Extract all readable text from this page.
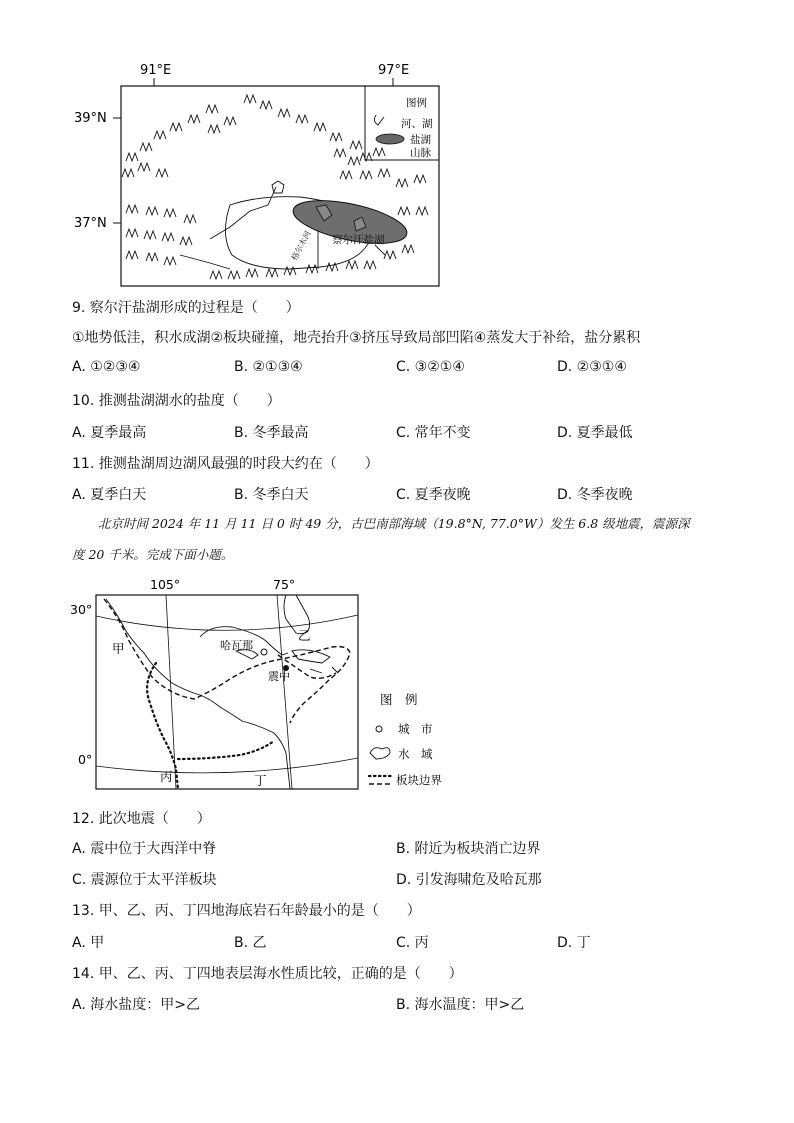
91°E	97°E
39°N
37°N
图例
河、湖
盐湖
山脉
察尔汗盐湖
格尔木河
9. 察尔汗盐湖形成的过程是（　　）
①地势低洼，积水成湖②板块碰撞，地壳抬升③挤压导致局部凹陷④蒸发大于补给，盐分累积
A. ①②③④	B. ②①③④	C. ③②①④	D. ②③①④
10. 推测盐湖湖水的盐度（　　）
A. 夏季最高	B. 冬季最高	C. 常年不变	D. 夏季最低
11. 推测盐湖周边湖风最强的时段大约在（　　）
A. 夏季白天	B. 冬季白天	C. 夏季夜晚	D. 冬季夜晚
北京时间 2024 年 11 月 11 日 0 时 49 分，古巴南部海域（19.8°N, 77.0°W）发生 6.8 级地震，震源深
度 20 千米。完成下面小题。
105°	75°
30°
0°
哈瓦那
震中
甲
乙
丙	丁
图　例
城　市
水　域
板块边界
12. 此次地震（　　）
A. 震中位于大西洋中脊	B. 附近为板块消亡边界
C. 震源位于太平洋板块	D. 引发海啸危及哈瓦那
13. 甲、乙、丙、丁四地海底岩石年龄最小的是（　　）
A. 甲	B. 乙	C. 丙	D. 丁
14. 甲、乙、丙、丁四地表层海水性质比较，正确的是（　　）
A. 海水盐度：甲>乙	B. 海水温度：甲>乙
